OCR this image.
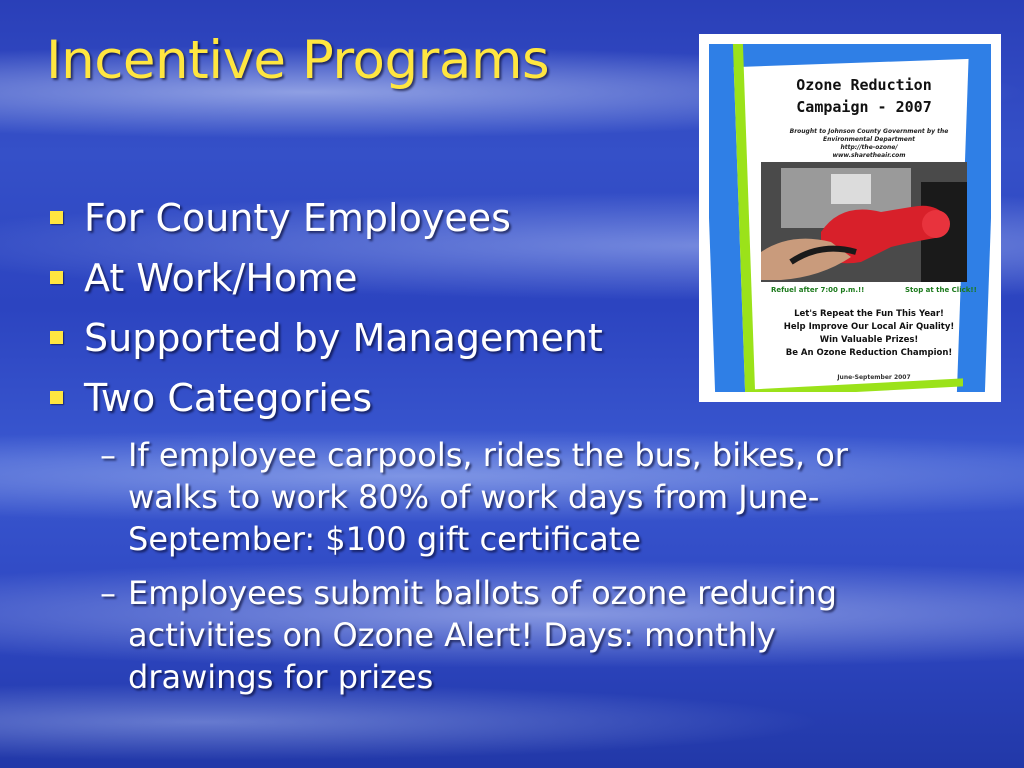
Incentive Programs
For County Employees
At Work/Home
Supported by Management
Two Categories
– If employee carpools, rides the bus, bikes, or walks to work 80% of work days from June-September: $100 gift certificate
– Employees submit ballots of ozone reducing activities on Ozone Alert! Days: monthly drawings for prizes
Ozone Reduction
Campaign - 2007
Brought to Johnson County Government by the
Environmental Department
http://the-ozone/
www.sharetheair.com
Refuel after 7:00 p.m.!!	Stop at the Click!!
Let's Repeat the Fun This Year!
Help Improve Our Local Air Quality!
Win Valuable Prizes!
Be An Ozone Reduction Champion!
June-September 2007
